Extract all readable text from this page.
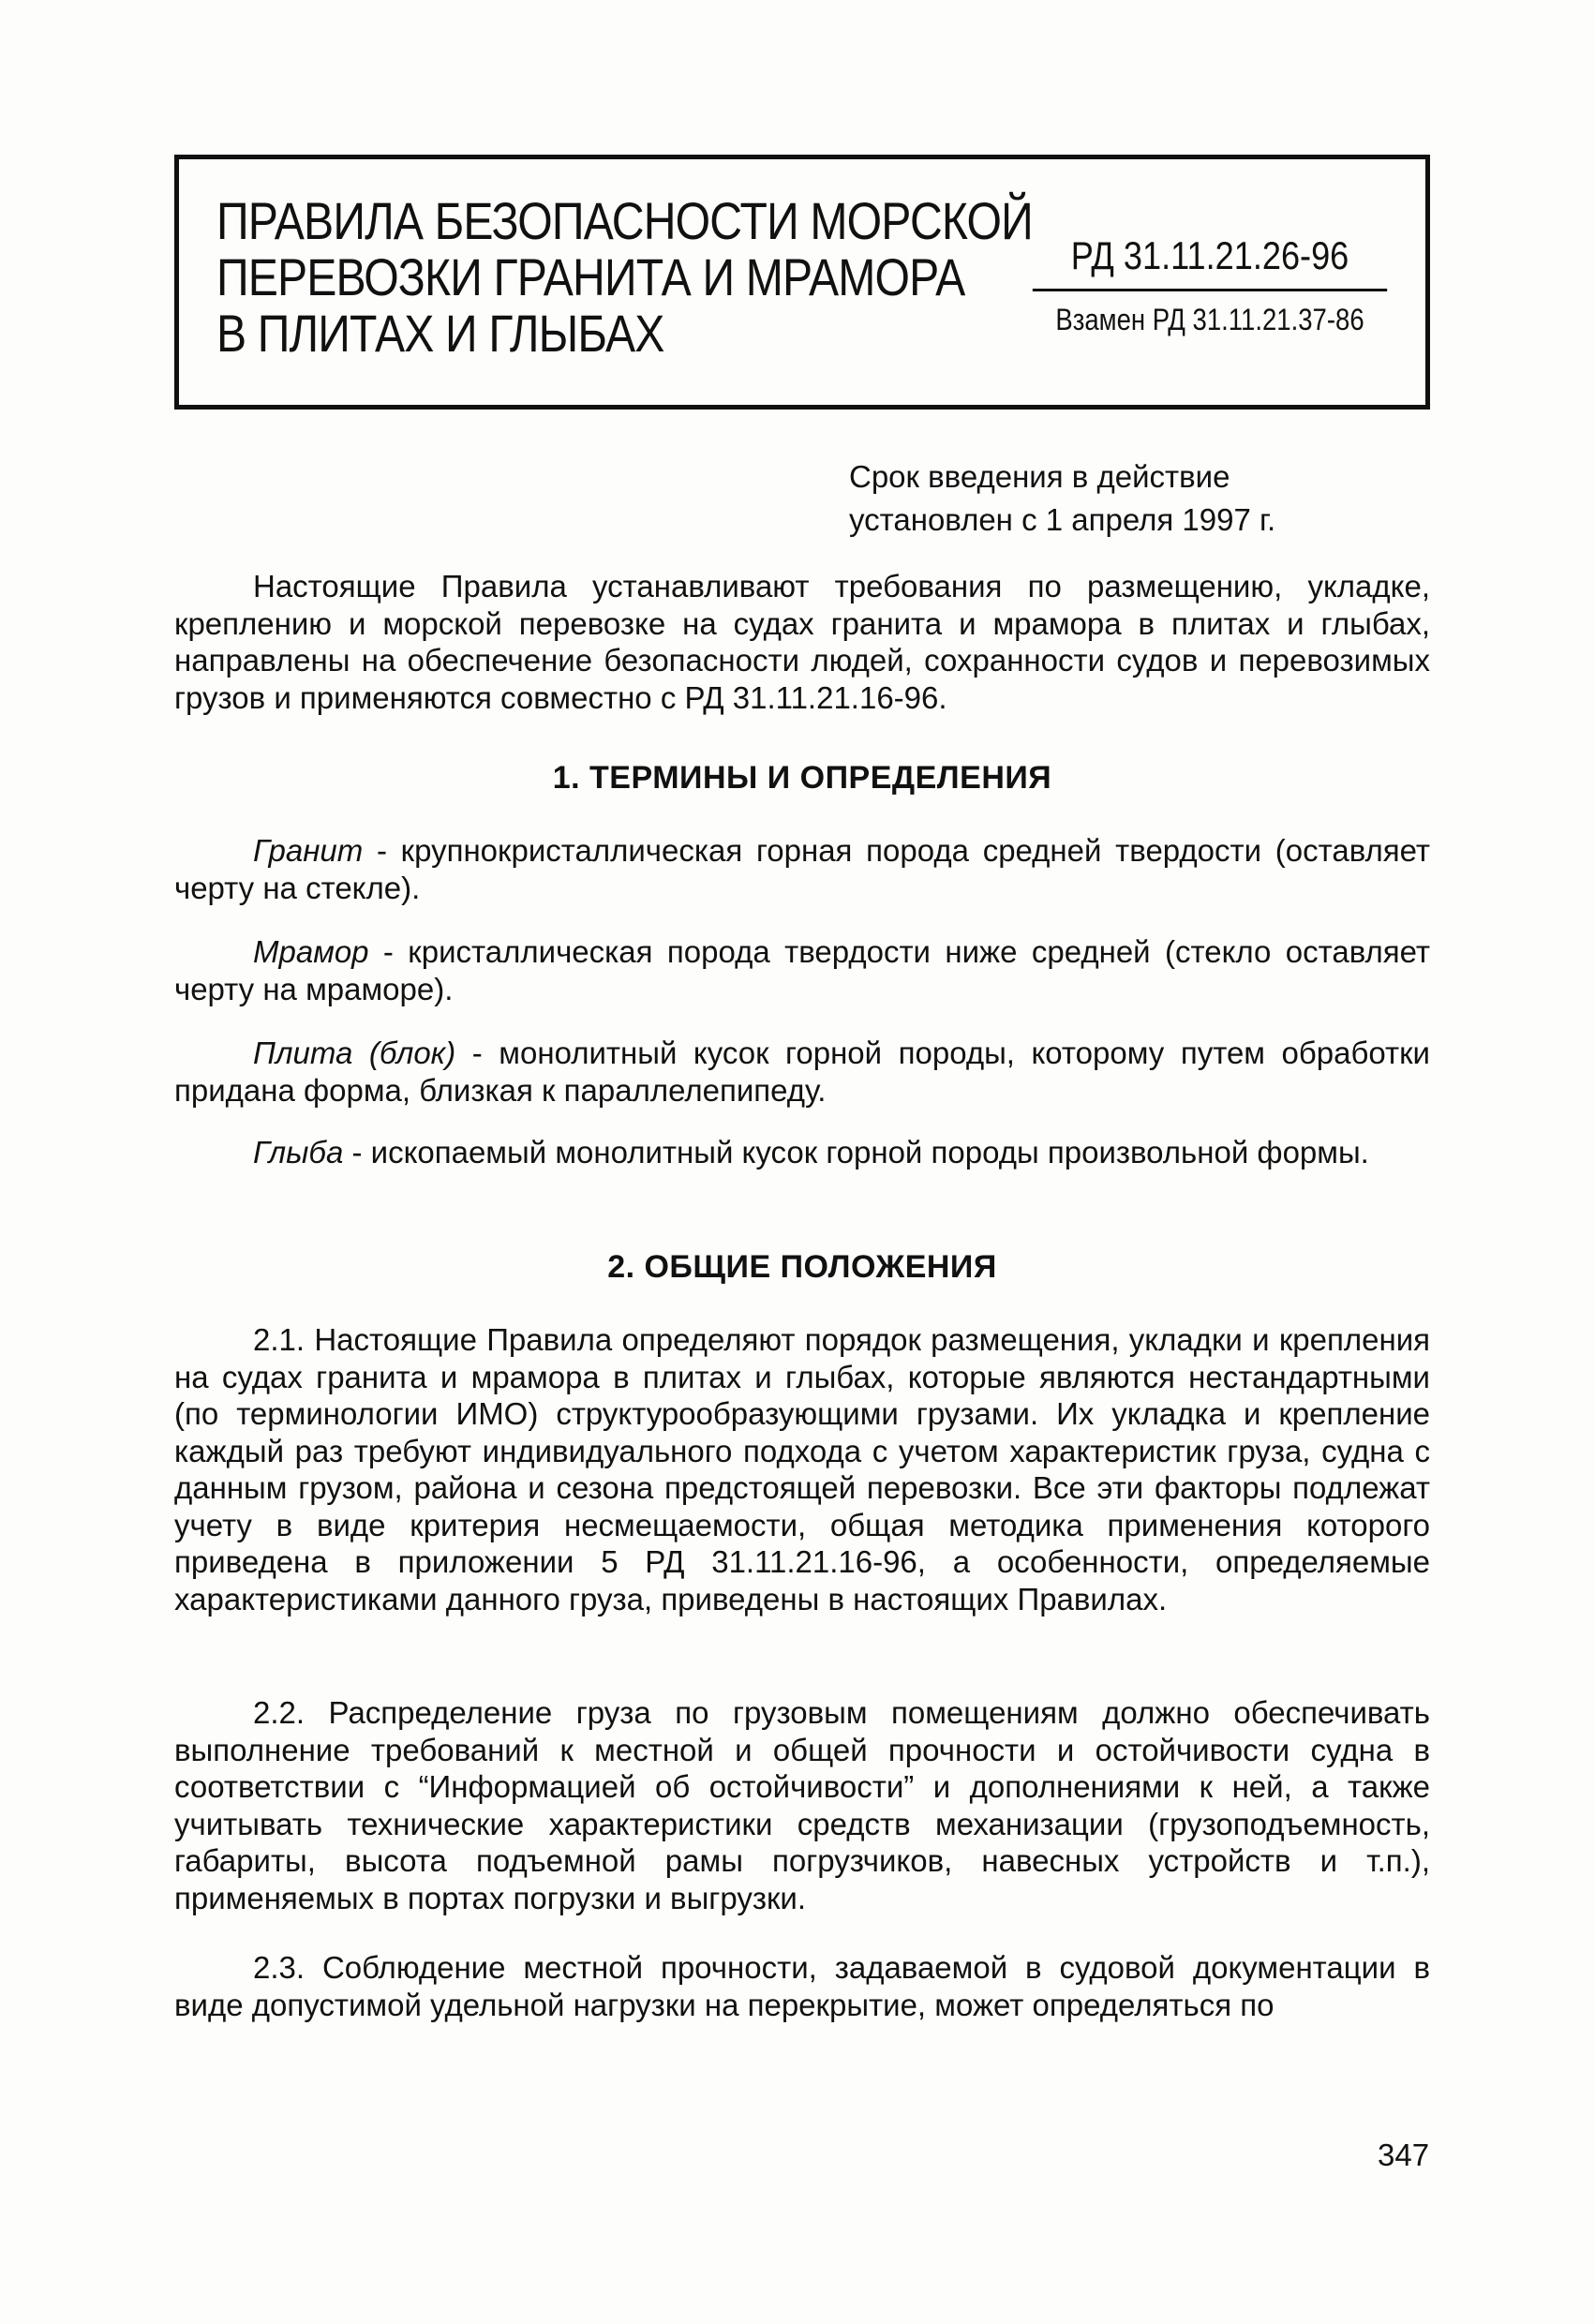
ПРАВИЛА БЕЗОПАСНОСТИ МОРСКОЙ
ПЕРЕВОЗКИ ГРАНИТА И МРАМОРА
В ПЛИТАХ И ГЛЫБАХ
РД 31.11.21.26-96
Взамен РД 31.11.21.37-86
Срок введения в действие
установлен с 1 апреля 1997 г.

Настоящие Правила устанавливают требования по размещению, укладке, креплению и морской перевозке на судах гранита и мрамора в плитах и глыбах, направлены на обеспечение безопасности людей, сохранности судов и перевозимых грузов и применяются совместно с РД 31.11.21.16-96.

1. ТЕРМИНЫ И ОПРЕДЕЛЕНИЯ

Гранит - крупнокристаллическая горная порода средней твердости (оставляет черту на стекле).

Мрамор - кристаллическая порода твердости ниже средней (стекло оставляет черту на мраморе).

Плита (блок) - монолитный кусок горной породы, которому путем обработки придана форма, близкая к параллелепипеду.

Глыба - ископаемый монолитный кусок горной породы произвольной формы.

2. ОБЩИЕ ПОЛОЖЕНИЯ

2.1. Настоящие Правила определяют порядок размещения, укладки и крепления на судах гранита и мрамора в плитах и глыбах, которые являются нестандартными (по терминологии ИМО) структурообразующими грузами. Их укладка и крепление каждый раз требуют индивидуального подхода с учетом характеристик груза, судна с данным грузом, района и сезона предстоящей перевозки. Все эти факторы подлежат учету в виде критерия несмещаемости, общая методика применения которого приведена в приложении 5 РД 31.11.21.16-96, а особенности, определяемые характеристиками данного груза, приведены в настоящих Правилах.

2.2. Распределение груза по грузовым помещениям должно обеспечивать выполнение требований к местной и общей прочности и остойчивости судна в соответствии с “Информацией об остойчивости” и дополнениями к ней, а также учитывать технические характеристики средств механизации (грузоподъемность, габариты, высота подъемной рамы погрузчиков, навесных устройств и т.п.), применяемых в портах погрузки и выгрузки.

2.3. Соблюдение местной прочности, задаваемой в судовой документации в виде допустимой удельной нагрузки на перекрытие, может определяться по

347
